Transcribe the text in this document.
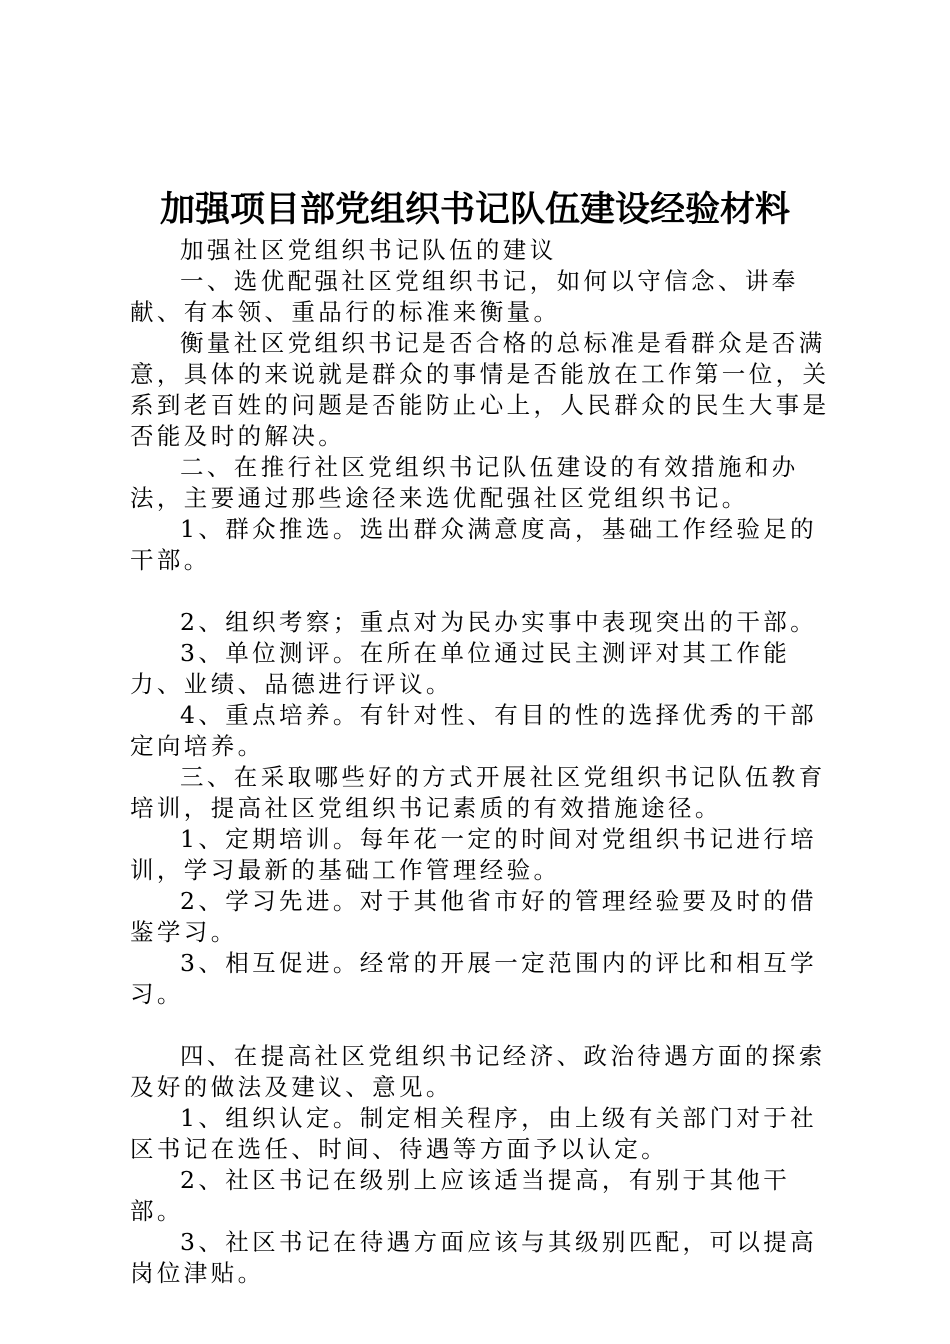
加强项目部党组织书记队伍建设经验材料

加强社区党组织书记队伍的建议

一、选优配强社区党组织书记，如何以守信念、讲奉献、有本领、重品行的标准来衡量。

衡量社区党组织书记是否合格的总标准是看群众是否满意，具体的来说就是群众的事情是否能放在工作第一位，关系到老百姓的问题是否能防止心上，人民群众的民生大事是否能及时的解决。

二、在推行社区党组织书记队伍建设的有效措施和办法，主要通过那些途径来选优配强社区党组织书记。

1、群众推选。选出群众满意度高，基础工作经验足的干部。

2、组织考察；重点对为民办实事中表现突出的干部。

3、单位测评。在所在单位通过民主测评对其工作能力、业绩、品德进行评议。

4、重点培养。有针对性、有目的性的选择优秀的干部定向培养。

三、在采取哪些好的方式开展社区党组织书记队伍教育培训，提高社区党组织书记素质的有效措施途径。

1、定期培训。每年花一定的时间对党组织书记进行培训，学习最新的基础工作管理经验。

2、学习先进。对于其他省市好的管理经验要及时的借鉴学习。

3、相互促进。经常的开展一定范围内的评比和相互学习。

四、在提高社区党组织书记经济、政治待遇方面的探索及好的做法及建议、意见。

1、组织认定。制定相关程序，由上级有关部门对于社区书记在选任、时间、待遇等方面予以认定。

2、社区书记在级别上应该适当提高，有别于其他干部。

3、社区书记在待遇方面应该与其级别匹配，可以提高岗位津贴。
